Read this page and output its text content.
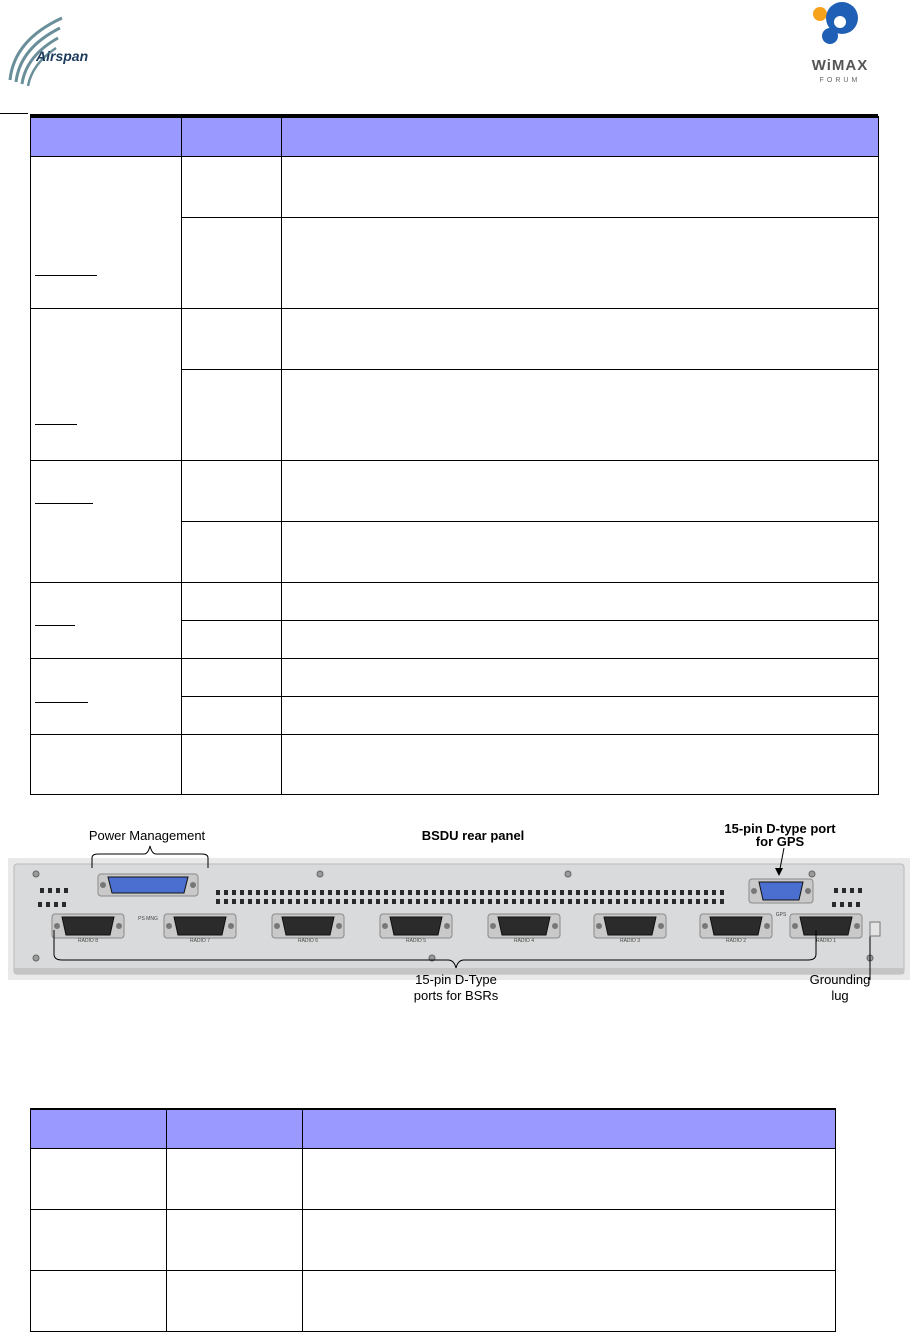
Airspan
WiMAX
FORUM

RADIO 8	RADIO 7	RADIO 6	RADIO 5	RADIO 4	RADIO 3	RADIO 2	RADIO 1
Power Management	BSDU rear panel	15-pin D-type port
for GPS
15-pin D-Type
ports for BSRs
Grounding
lug
PS MNG
GPS
